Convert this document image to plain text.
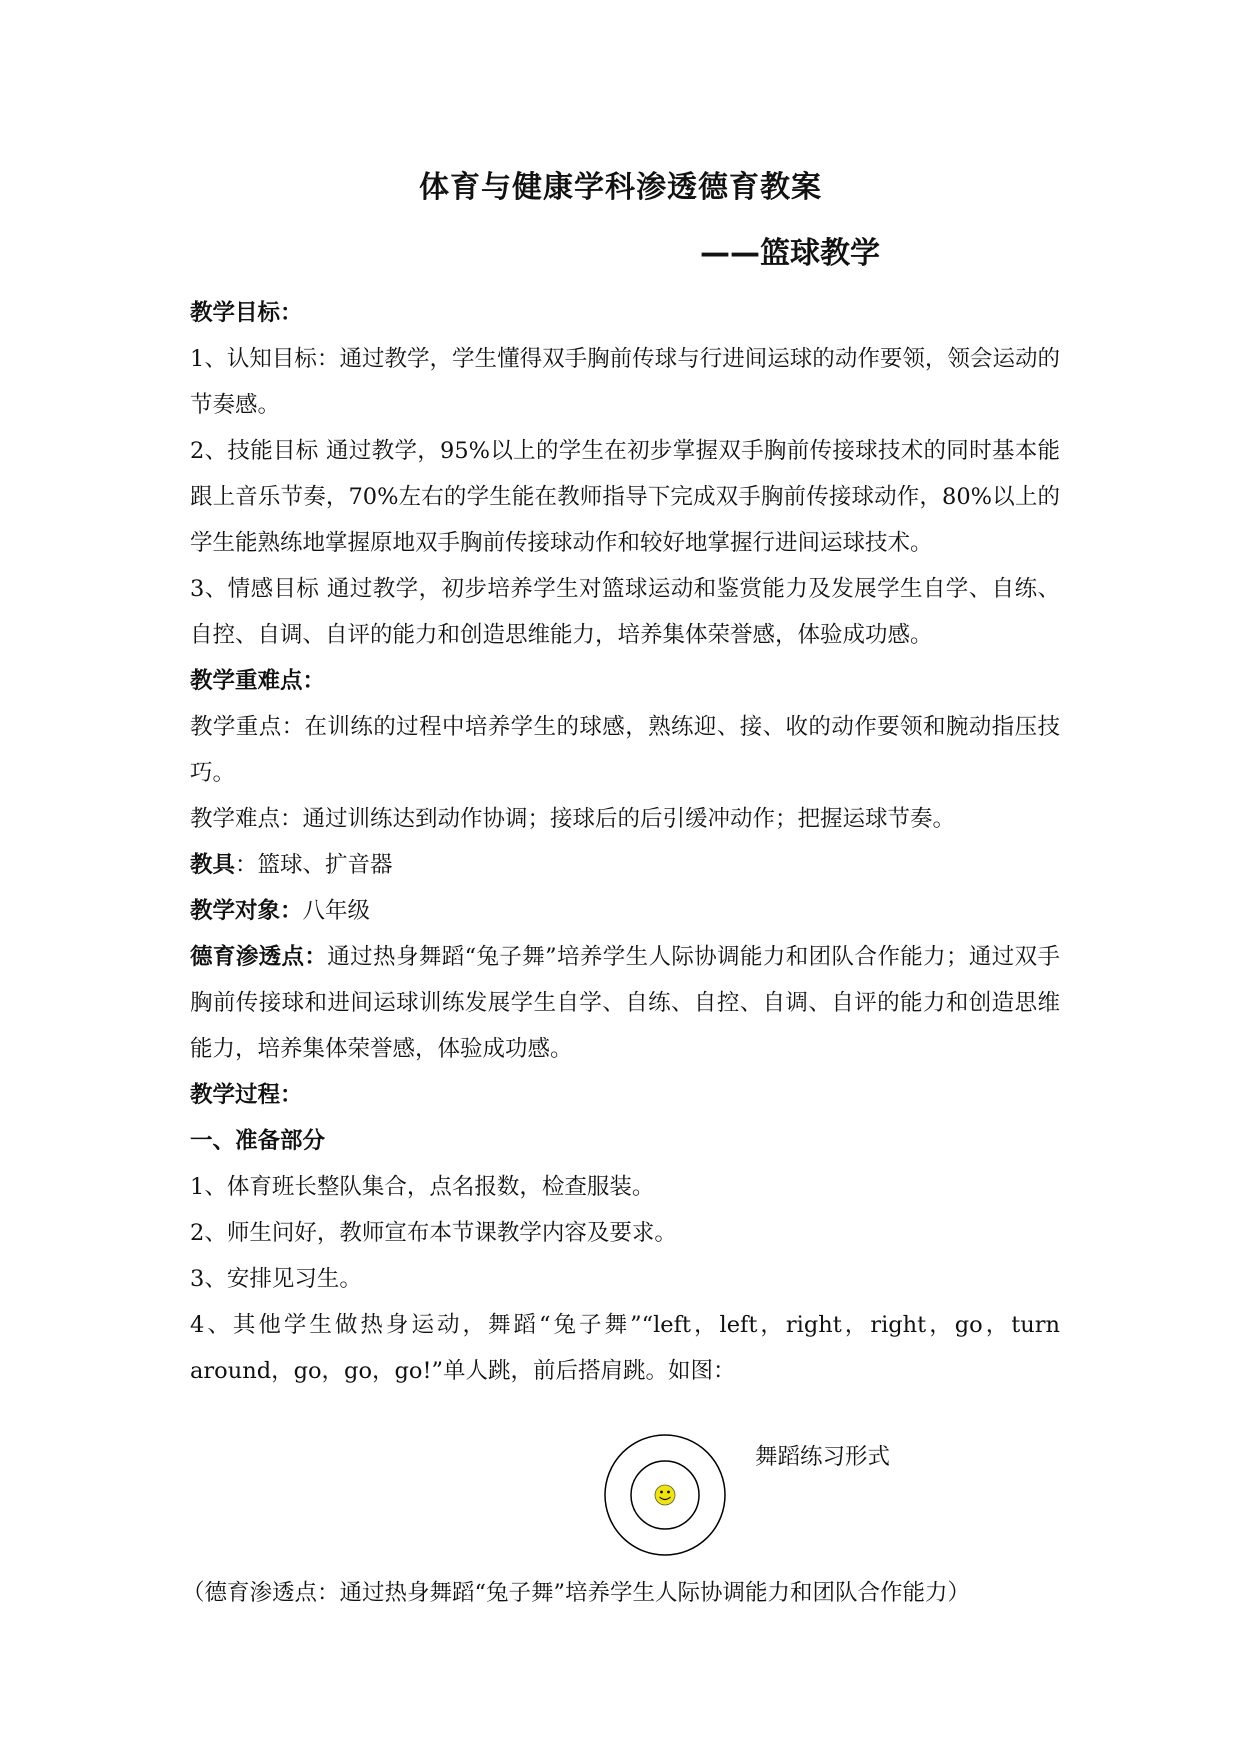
体育与健康学科渗透德育教案
——篮球教学

教学目标：

1、认知目标：通过教学，学生懂得双手胸前传球与行进间运球的动作要领，领会运动的节奏感。

2、技能目标 通过教学，95%以上的学生在初步掌握双手胸前传接球技术的同时基本能跟上音乐节奏，70%左右的学生能在教师指导下完成双手胸前传接球动作，80%以上的学生能熟练地掌握原地双手胸前传接球动作和较好地掌握行进间运球技术。

3、情感目标 通过教学，初步培养学生对篮球运动和鉴赏能力及发展学生自学、自练、自控、自调、自评的能力和创造思维能力，培养集体荣誉感，体验成功感。

教学重难点：

教学重点：在训练的过程中培养学生的球感，熟练迎、接、收的动作要领和腕动指压技巧。

教学难点：通过训练达到动作协调；接球后的后引缓冲动作；把握运球节奏。

教具：篮球、扩音器

教学对象：八年级

德育渗透点：通过热身舞蹈“兔子舞”培养学生人际协调能力和团队合作能力；通过双手胸前传接球和进间运球训练发展学生自学、自练、自控、自调、自评的能力和创造思维能力，培养集体荣誉感，体验成功感。

教学过程：

一、准备部分

1、体育班长整队集合，点名报数，检查服装。

2、师生问好，教师宣布本节课教学内容及要求。

3、安排见习生。

4、其他学生做热身运动，舞蹈“兔子舞”“left，left，right，right，go，turn around，go，go，go!”单人跳，前后搭肩跳。如图：

舞蹈练习形式
（德育渗透点：通过热身舞蹈“兔子舞”培养学生人际协调能力和团队合作能力）
